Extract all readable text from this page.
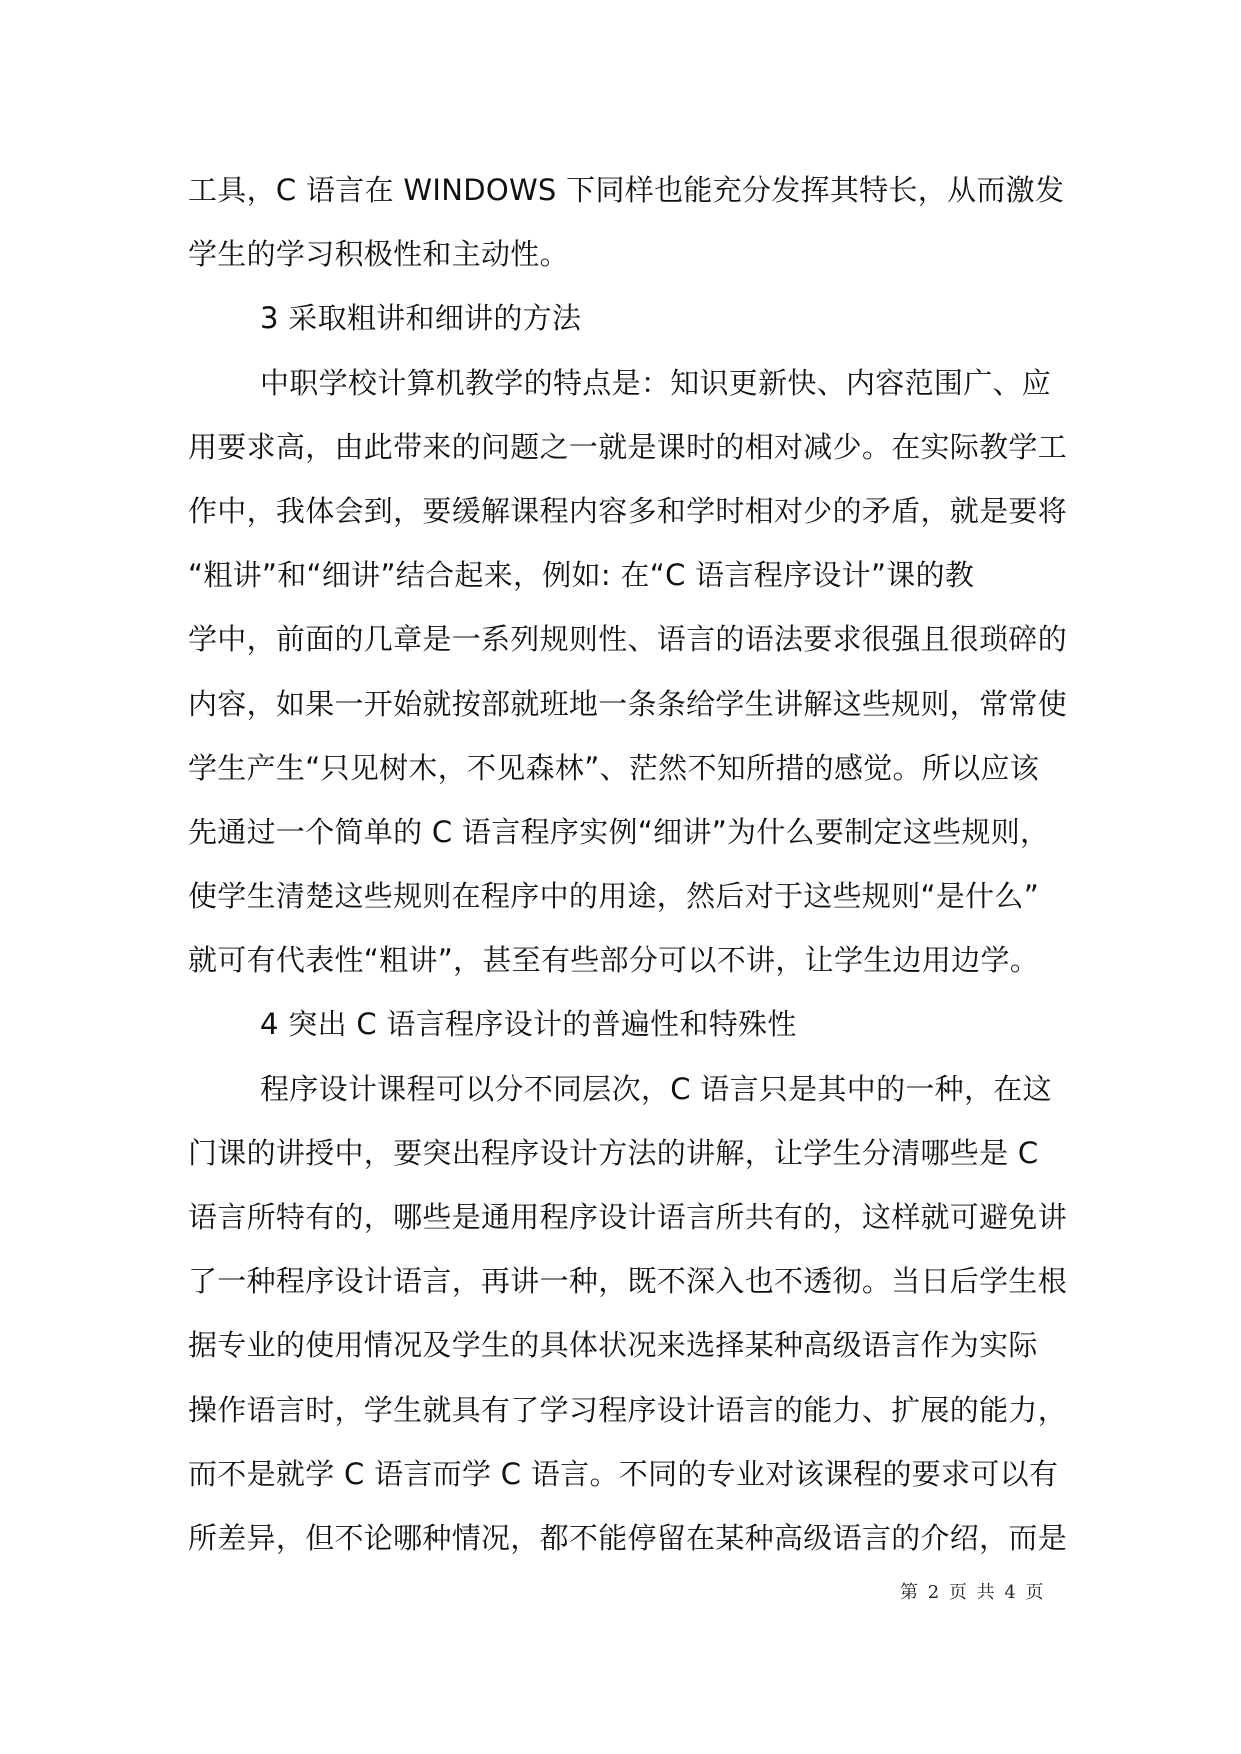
工具，C 语言在 WINDOWS 下同样也能充分发挥其特长，从而激发
学生的学习积极性和主动性。
3 采取粗讲和细讲的方法
中职学校计算机教学的特点是：知识更新快、内容范围广、应
用要求高，由此带来的问题之一就是课时的相对减少。在实际教学工
作中，我体会到，要缓解课程内容多和学时相对少的矛盾，就是要将
“粗讲”和“细讲”结合起来，例如: 在“C 语言程序设计”课的教
学中，前面的几章是一系列规则性、语言的语法要求很强且很琐碎的
内容，如果一开始就按部就班地一条条给学生讲解这些规则，常常使
学生产生“只见树木，不见森林”、茫然不知所措的感觉。所以应该
先通过一个简单的 C 语言程序实例“细讲”为什么要制定这些规则，
使学生清楚这些规则在程序中的用途，然后对于这些规则“是什么”
就可有代表性“粗讲”，甚至有些部分可以不讲，让学生边用边学。
4 突出 C 语言程序设计的普遍性和特殊性
程序设计课程可以分不同层次，C 语言只是其中的一种，在这
门课的讲授中，要突出程序设计方法的讲解，让学生分清哪些是 C
语言所特有的，哪些是通用程序设计语言所共有的，这样就可避免讲
了一种程序设计语言，再讲一种，既不深入也不透彻。当日后学生根
据专业的使用情况及学生的具体状况来选择某种高级语言作为实际
操作语言时，学生就具有了学习程序设计语言的能力、扩展的能力，
而不是就学 C 语言而学 C 语言。不同的专业对该课程的要求可以有
所差异，但不论哪种情况，都不能停留在某种高级语言的介绍，而是
第 2 页 共 4 页
